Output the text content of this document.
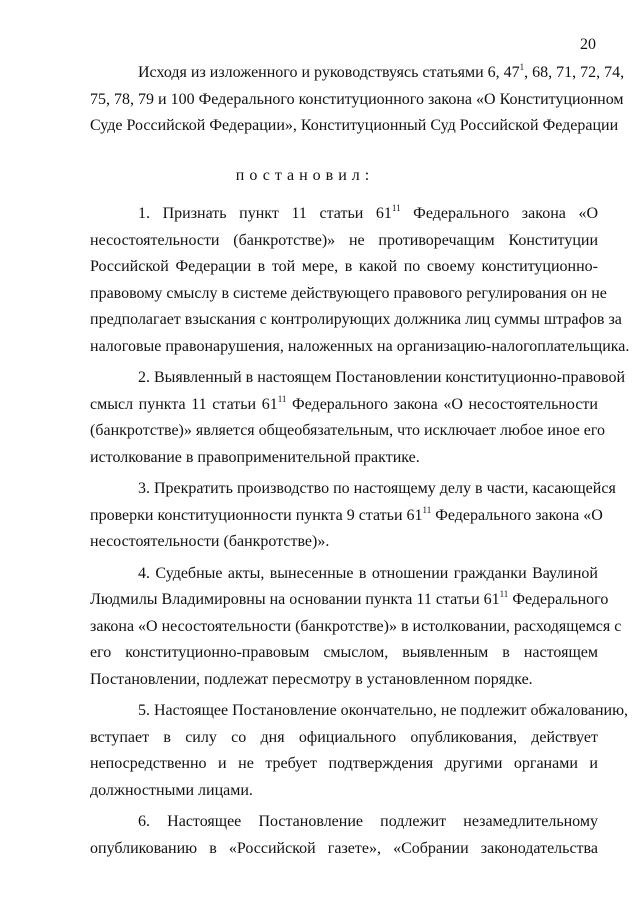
20
Исходя из изложенного и руководствуясь статьями 6, $47^1$, 68, 71, 72, 74,
75, 78, 79 и 100 Федерального конституционного закона «О Конституционном
Суде Российской Федерации», Конституционный Суд Российской Федерации
постановил:
1. Признать пункт 11 статьи $61^{11}$ Федерального закона «О
несостоятельности (банкротстве)» не противоречащим Конституции
Российской Федерации в той мере, в какой по своему конституционно-
правовому смыслу в системе действующего правового регулирования он не
предполагает взыскания с контролирующих должника лиц суммы штрафов за
налоговые правонарушения, наложенных на организацию-налогоплательщика.
2. Выявленный в настоящем Постановлении конституционно-правовой
смысл пункта 11 статьи $61^{11}$ Федерального закона «О несостоятельности
(банкротстве)» является общеобязательным, что исключает любое иное его
истолкование в правоприменительной практике.
3. Прекратить производство по настоящему делу в части, касающейся
проверки конституционности пункта 9 статьи $61^{11}$ Федерального закона «О
несостоятельности (банкротстве)».
4. Судебные акты, вынесенные в отношении гражданки Ваулиной
Людмилы Владимировны на основании пункта 11 статьи $61^{11}$ Федерального
закона «О несостоятельности (банкротстве)» в истолковании, расходящемся с
его конституционно-правовым смыслом, выявленным в настоящем
Постановлении, подлежат пересмотру в установленном порядке.
5. Настоящее Постановление окончательно, не подлежит обжалованию,
вступает в силу со дня официального опубликования, действует
непосредственно и не требует подтверждения другими органами и
должностными лицами.
6. Настоящее Постановление подлежит незамедлительному
опубликованию в «Российской газете», «Собрании законодательства
